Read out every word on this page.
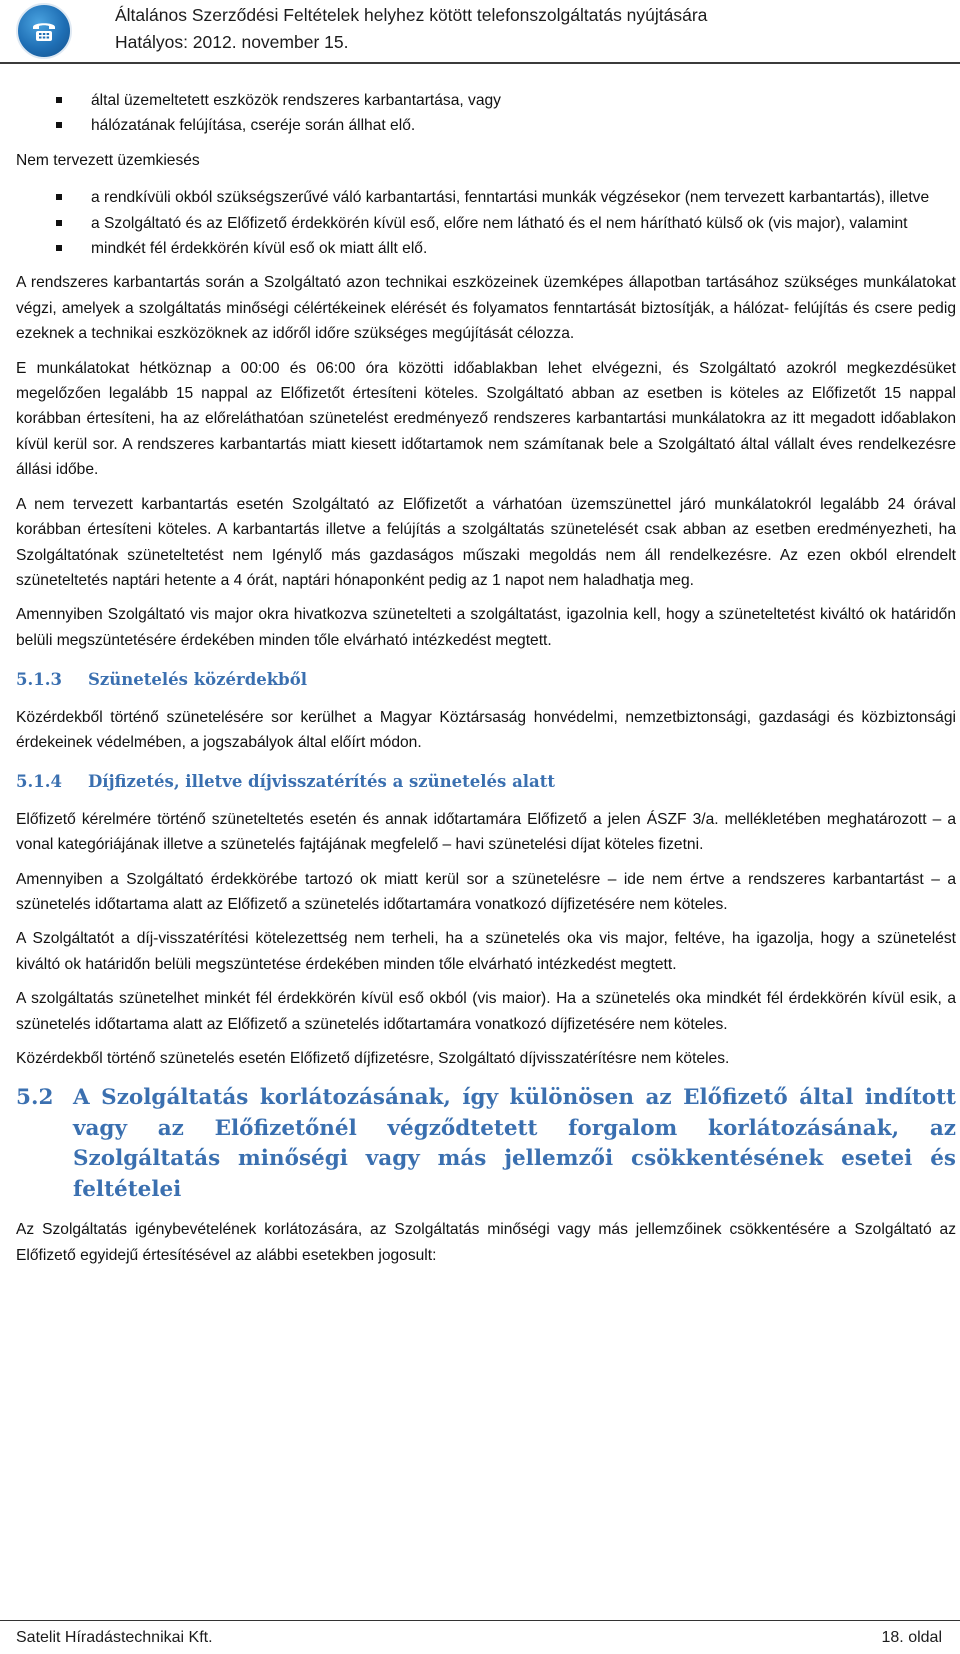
Általános Szerződési Feltételek helyhez kötött telefonszolgáltatás nyújtására
Hatályos: 2012. november 15.
által üzemeltetett eszközök rendszeres karbantartása, vagy
hálózatának felújítása, cseréje során állhat elő.

Nem tervezett üzemkiesés

a rendkívüli okból szükségszerűvé váló karbantartási, fenntartási munkák végzésekor (nem tervezett karbantartás), illetve
a Szolgáltató és az Előfizető érdekkörén kívül eső, előre nem látható és el nem hárítható külső ok (vis major), valamint
mindkét fél érdekkörén kívül eső ok miatt állt elő.

A rendszeres karbantartás során a Szolgáltató azon technikai eszközeinek üzemképes állapotban tartásához szükséges munkálatokat végzi, amelyek a szolgáltatás minőségi célértékeinek elérését és folyamatos fenntartását biztosítják, a hálózat- felújítás és csere pedig ezeknek a technikai eszközöknek az időről időre szükséges megújítását célozza.

E munkálatokat hétköznap a 00:00 és 06:00 óra közötti időablakban lehet elvégezni, és Szolgáltató azokról megkezdésüket megelőzően legalább 15 nappal az Előfizetőt értesíteni köteles. Szolgáltató abban az esetben is köteles az Előfizetőt 15 nappal korábban értesíteni, ha az előreláthatóan szünetelést eredményező rendszeres karbantartási munkálatokra az itt megadott időablakon kívül kerül sor. A rendszeres karbantartás miatt kiesett időtartamok nem számítanak bele a Szolgáltató által vállalt éves rendelkezésre állási időbe.

A nem tervezett karbantartás esetén Szolgáltató az Előfizetőt a várhatóan üzemszünettel járó munkálatokról legalább 24 órával korábban értesíteni köteles. A karbantartás illetve a felújítás a szolgáltatás szünetelését csak abban az esetben eredményezheti, ha Szolgáltatónak szüneteltetést nem Igénylő más gazdaságos műszaki megoldás nem áll rendelkezésre. Az ezen okból elrendelt szüneteltetés naptári hetente a 4 órát, naptári hónaponként pedig az 1 napot nem haladhatja meg.

Amennyiben Szolgáltató vis major okra hivatkozva szünetelteti a szolgáltatást, igazolnia kell, hogy a szüneteltetést kiváltó ok határidőn belüli megszüntetésére érdekében minden tőle elvárható intézkedést megtett.

5.1.3	Szünetelés közérdekből

Közérdekből történő szünetelésére sor kerülhet a Magyar Köztársaság honvédelmi, nemzetbiztonsági, gazdasági és közbiztonsági érdekeinek védelmében, a jogszabályok által előírt módon.

5.1.4	Díjfizetés, illetve díjvisszatérítés a szünetelés alatt

Előfizető kérelmére történő szüneteltetés esetén és annak időtartamára Előfizető a jelen ÁSZF 3/a. mellékletében meghatározott – a vonal kategóriájának illetve a szünetelés fajtájának megfelelő – havi szünetelési díjat köteles fizetni.

Amennyiben a Szolgáltató érdekkörébe tartozó ok miatt kerül sor a szünetelésre – ide nem értve a rendszeres karbantartást – a szünetelés időtartama alatt az Előfizető a szünetelés időtartamára vonatkozó díjfizetésére nem köteles.

A Szolgáltatót a díj-visszatérítési kötelezettség nem terheli, ha a szünetelés oka vis major, feltéve, ha igazolja, hogy a szünetelést kiváltó ok határidőn belüli megszüntetése érdekében minden tőle elvárható intézkedést megtett.

A szolgáltatás szünetelhet minkét fél érdekkörén kívül eső okból (vis maior). Ha a szünetelés oka mindkét fél érdekkörén kívül esik, a szünetelés időtartama alatt az Előfizető a szünetelés időtartamára vonatkozó díjfizetésére nem köteles.

Közérdekből történő szünetelés esetén Előfizető díjfizetésre, Szolgáltató díjvisszatérítésre nem köteles.

5.2 A Szolgáltatás korlátozásának, így különösen az Előfizető által indított vagy az Előfizetőnél végződtetett forgalom korlátozásának, az Szolgáltatás minőségi vagy más jellemzői csökkentésének esetei és feltételei

Az Szolgáltatás igénybevételének korlátozására, az Szolgáltatás minőségi vagy más jellemzőinek csökkentésére a Szolgáltató az Előfizető egyidejű értesítésével az alábbi esetekben jogosult:

Satelit Híradástechnikai Kft.	18. oldal
